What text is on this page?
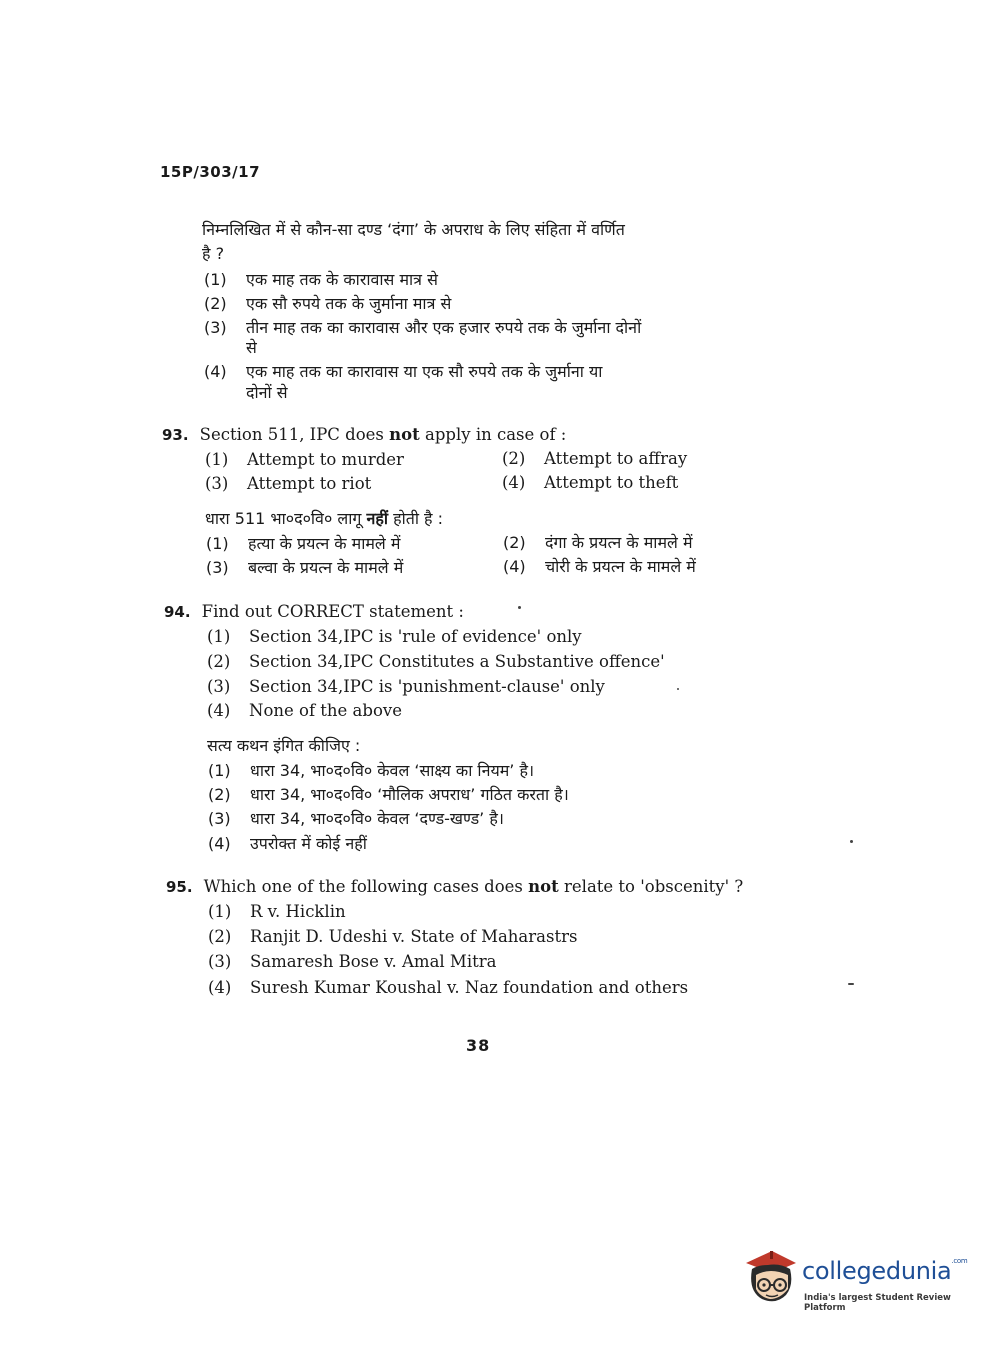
15P/303/17
निम्नलिखित में से कौन-सा दण्ड ‘दंगा’ के अपराध के लिए संहिता में वर्णित
है ?
(1) एक माह तक के कारावास मात्र से
(2) एक सौ रुपये तक के जुर्माना मात्र से
(3) तीन माह तक का कारावास और एक हजार रुपये तक के जुर्माना दोनों
से
(4) एक माह तक का कारावास या एक सौ रुपये तक के जुर्माना या
दोनों से
93. Section 511, IPC does not apply in case of :
(1) Attempt to murder	(2) Attempt to affray
(3) Attempt to riot	(4) Attempt to theft
धारा 511 भा०द०वि० लागू नहीं होती है :
(1) हत्या के प्रयत्न के मामले में	(2) दंगा के प्रयत्न के मामले में
(3) बल्वा के प्रयत्न के मामले में	(4) चोरी के प्रयत्न के मामले में
94. Find out CORRECT statement :
(1) Section 34,IPC is 'rule of evidence' only
(2) Section 34,IPC Constitutes a Substantive offence'
(3) Section 34,IPC is 'punishment-clause' only
(4) None of the above
सत्य कथन इंगित कीजिए :
(1) धारा 34, भा०द०वि० केवल ‘साक्ष्य का नियम’ है।
(2) धारा 34, भा०द०वि० ‘मौलिक अपराध’ गठित करता है।
(3) धारा 34, भा०द०वि० केवल ‘दण्ड-खण्ड’ है।
(4) उपरोक्त में कोई नहीं
95. Which one of the following cases does not relate to 'obscenity' ?
(1) R v. Hicklin
(2) Ranjit D. Udeshi v. State of Maharastrs
(3) Samaresh Bose v. Amal Mitra
(4) Suresh Kumar Koushal v. Naz foundation and others
38
collegedunia$^{.com}$
India's largest Student Review Platform
